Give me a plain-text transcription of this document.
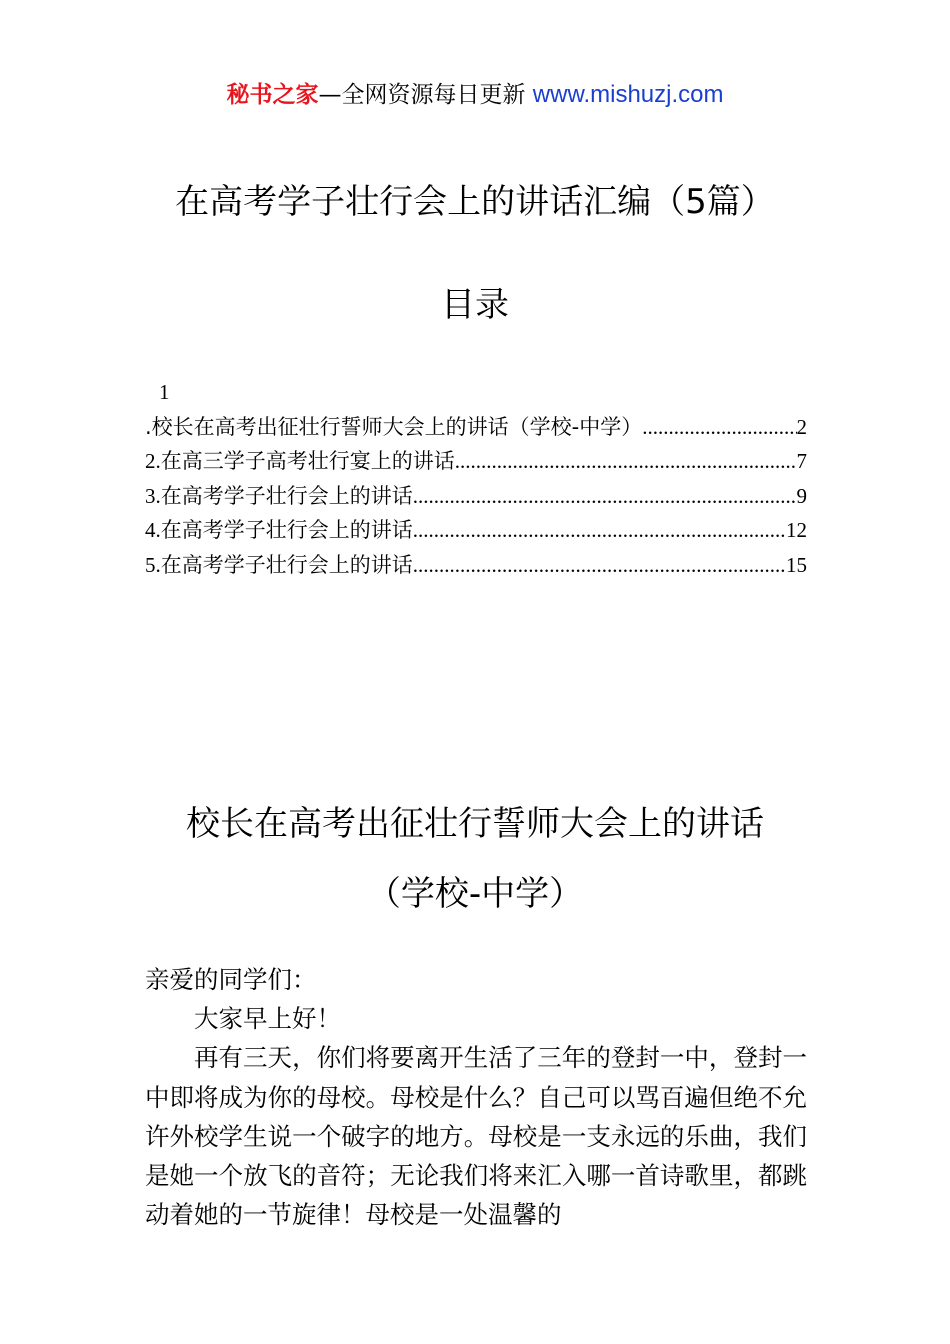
秘书之家—全网资源每日更新 www.mishuzj.com
在高考学子壮行会上的讲话汇编（5篇）
目录
1
.校长在高考出征壮行誓师大会上的讲话（学校-中学） .....	2
2.在高三学子高考壮行宴上的讲话 .....	7
3.在高考学子壮行会上的讲话 .....	9
4.在高考学子壮行会上的讲话 .....	12
5.在高考学子壮行会上的讲话 .....	15
校长在高考出征壮行誓师大会上的讲话
（学校-中学）

亲爱的同学们：

大家早上好！

再有三天，你们将要离开生活了三年的登封一中，登封一中即将成为你的母校。母校是什么？自己可以骂百遍但绝不允许外校学生说一个破字的地方。母校是一支永远的乐曲，我们是她一个放飞的音符；无论我们将来汇入哪一首诗歌里，都跳动着她的一节旋律！母校是一处温馨的
